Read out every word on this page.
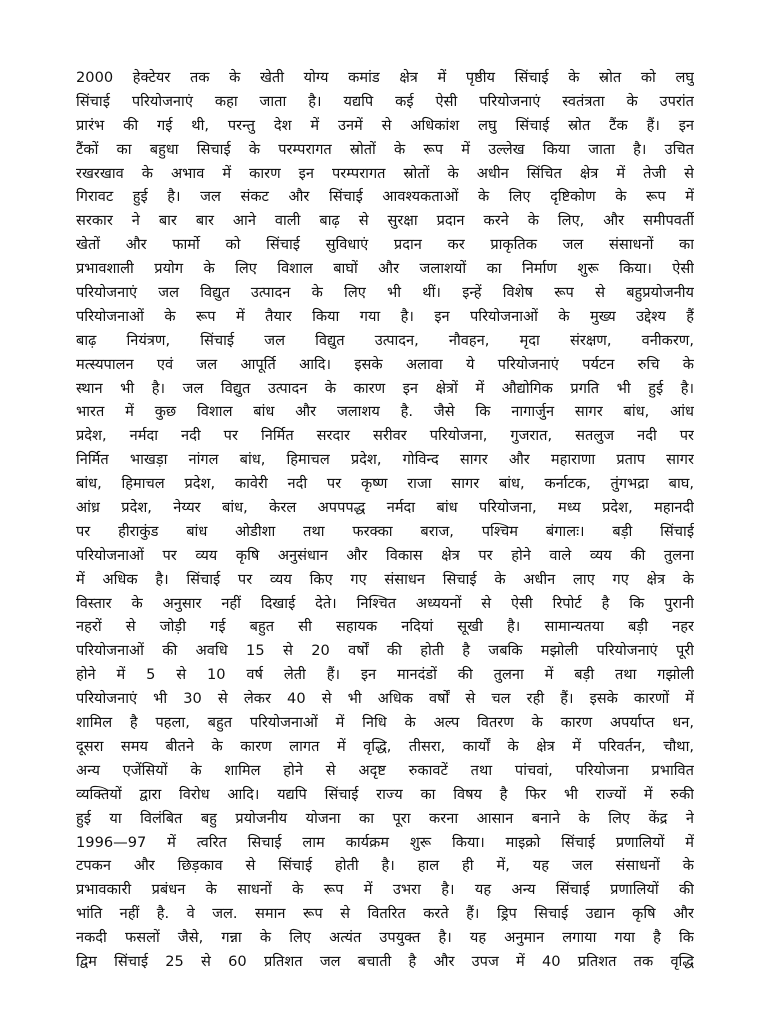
2000 हेक्टेयर तक के खेती योग्य कमांड क्षेत्र में पृष्ठीय सिंचाई के स्रोत को लघु
सिंचाई परियोजनाएं कहा जाता है। यद्यपि कई ऐसी परियोजनाएं स्वतंत्रता के उपरांत
प्रारंभ की गई थी, परन्तु देश में उनमें से अधिकांश लघु सिंचाई स्रोत टैंक हैं। इन
टैंकों का बहुधा सिचाई के परम्परागत स्रोतों के रूप में उल्लेख किया जाता है। उचित
रखरखाव के अभाव में कारण इन परम्परागत स्रोतों के अधीन सिंचित क्षेत्र में तेजी से
गिरावट हुई है। जल संकट और सिंचाई आवश्यकताओं के लिए दृष्टिकोण के रूप में
सरकार ने बार बार आने वाली बाढ़ से सुरक्षा प्रदान करने के लिए, और समीपवर्ती
खेतों और फार्मो को सिंचाई सुविधाएं प्रदान कर प्राकृतिक जल संसाधनों का
प्रभावशाली प्रयोग के लिए विशाल बाघों और जलाशयों का निर्माण शुरू किया। ऐसी
परियोजनाएं जल विद्युत उत्पादन के लिए भी थीं। इन्हें विशेष रूप से बहुप्रयोजनीय
परियोजनाओं के रूप में तैयार किया गया है। इन परियोजनाओं के मुख्य उद्देश्य हैं
बाढ़ नियंत्रण, सिंचाई जल विद्युत उत्पादन, नौवहन, मृदा संरक्षण, वनीकरण,
मत्स्यपालन एवं जल आपूर्ति आदि। इसके अलावा ये परियोजनाएं पर्यटन रुचि के
स्थान भी है। जल विद्युत उत्पादन के कारण इन क्षेत्रों में औद्योगिक प्रगति भी हुई है।
भारत में कुछ विशाल बांध और जलाशय है. जैसे कि नागार्जुन सागर बांध, आंध
प्रदेश, नर्मदा नदी पर निर्मित सरदार सरीवर परियोजना, गुजरात, सतलुज नदी पर
निर्मित भाखड़ा नांगल बांध, हिमाचल प्रदेश, गोविन्द सागर और महाराणा प्रताप सागर
बांध, हिमाचल प्रदेश, कावेरी नदी पर कृष्ण राजा सागर बांध, कर्नाटक, तुंगभद्रा बाघ,
आंध्र प्रदेश, नेय्यर बांध, केरल अपपपद्ध नर्मदा बांध परियोजना, मध्य प्रदेश, महानदी
पर हीराकुंड बांध ओडीशा तथा फरक्का बराज, पश्चिम बंगालः। बड़ी सिंचाई
परियोजनाओं पर व्यय कृषि अनुसंधान और विकास क्षेत्र पर होने वाले व्यय की तुलना
में अधिक है। सिंचाई पर व्यय किए गए संसाधन सिचाई के अधीन लाए गए क्षेत्र के
विस्तार के अनुसार नहीं दिखाई देते। निश्चित अध्ययनों से ऐसी रिपोर्ट है कि पुरानी
नहरों से जोड़ी गई बहुत सी सहायक नदियां सूखी है। सामान्यतया बड़ी नहर
परियोजनाओं की अवधि 15 से 20 वर्षों की होती है जबकि मझोली परियोजनाएं पूरी
होने में 5 से 10 वर्ष लेती हैं। इन मानदंडों की तुलना में बड़ी तथा गझोली
परियोजनाएं भी 30 से लेकर 40 से भी अधिक वर्षों से चल रही हैं। इसके कारणों में
शामिल है पहला, बहुत परियोजनाओं में निधि के अल्प वितरण के कारण अपर्याप्त धन,
दूसरा समय बीतने के कारण लागत में वृद्धि, तीसरा, कार्यों के क्षेत्र में परिवर्तन, चौथा,
अन्य एजेंसियों के शामिल होने से अदृष्ट रुकावटें तथा पांचवां, परियोजना प्रभावित
व्यक्तियों द्वारा विरोध आदि। यद्यपि सिंचाई राज्य का विषय है फिर भी राज्यों में रुकी
हुई या विलंबित बहु प्रयोजनीय योजना का पूरा करना आसान बनाने के लिए केंद्र ने
1996—97 में त्वरित सिचाई लाम कार्यक्रम शुरू किया। माइक्रो सिंचाई प्रणालियों में
टपकन और छिड़काव से सिंचाई होती है। हाल ही में, यह जल संसाधनों के
प्रभावकारी प्रबंधन के साधनों के रूप में उभरा है। यह अन्य सिंचाई प्रणालियों की
भांति नहीं है. वे जल. समान रूप से वितरित करते हैं। ड्रिप सिचाई उद्यान कृषि और
नकदी फसलों जैसे, गन्ना के लिए अत्यंत उपयुक्त है। यह अनुमान लगाया गया है कि
द्विम सिंचाई 25 से 60 प्रतिशत जल बचाती है और उपज में 40 प्रतिशत तक वृद्धि
